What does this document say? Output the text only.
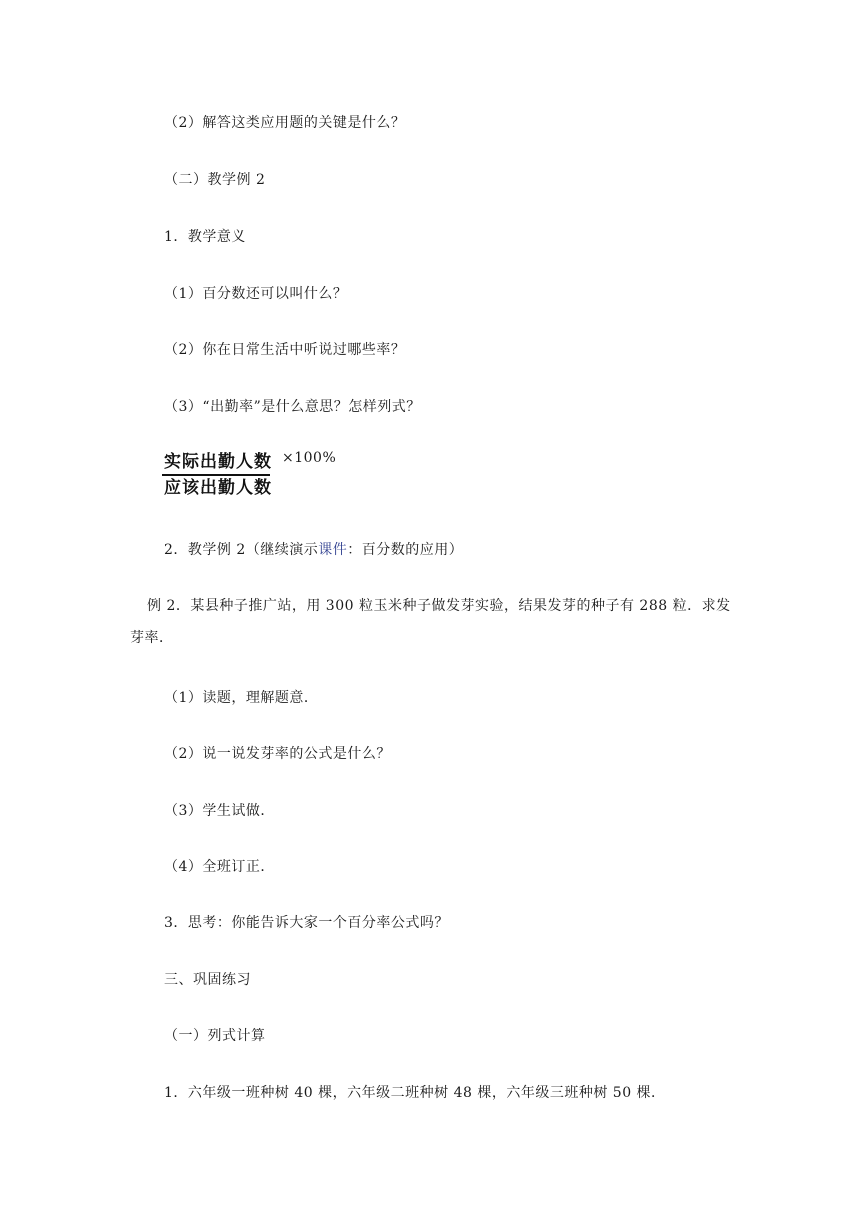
（2）解答这类应用题的关键是什么？
（二）教学例 2
1．教学意义
（1）百分数还可以叫什么？
（2）你在日常生活中听说过哪些率？
（3）“出勤率”是什么意思？怎样列式？
实际出勤人数
应该出勤人数
×100%
2．教学例 2（继续演示课件：百分数的应用）
例 2．某县种子推广站，用 300 粒玉米种子做发芽实验，结果发芽的种子有 288 粒．求发芽率．
（1）读题，理解题意．
（2）说一说发芽率的公式是什么？
（3）学生试做．
（4）全班订正．
3．思考：你能告诉大家一个百分率公式吗？
三、巩固练习
（一）列式计算
1．六年级一班种树 40 棵，六年级二班种树 48 棵，六年级三班种树 50 棵．
